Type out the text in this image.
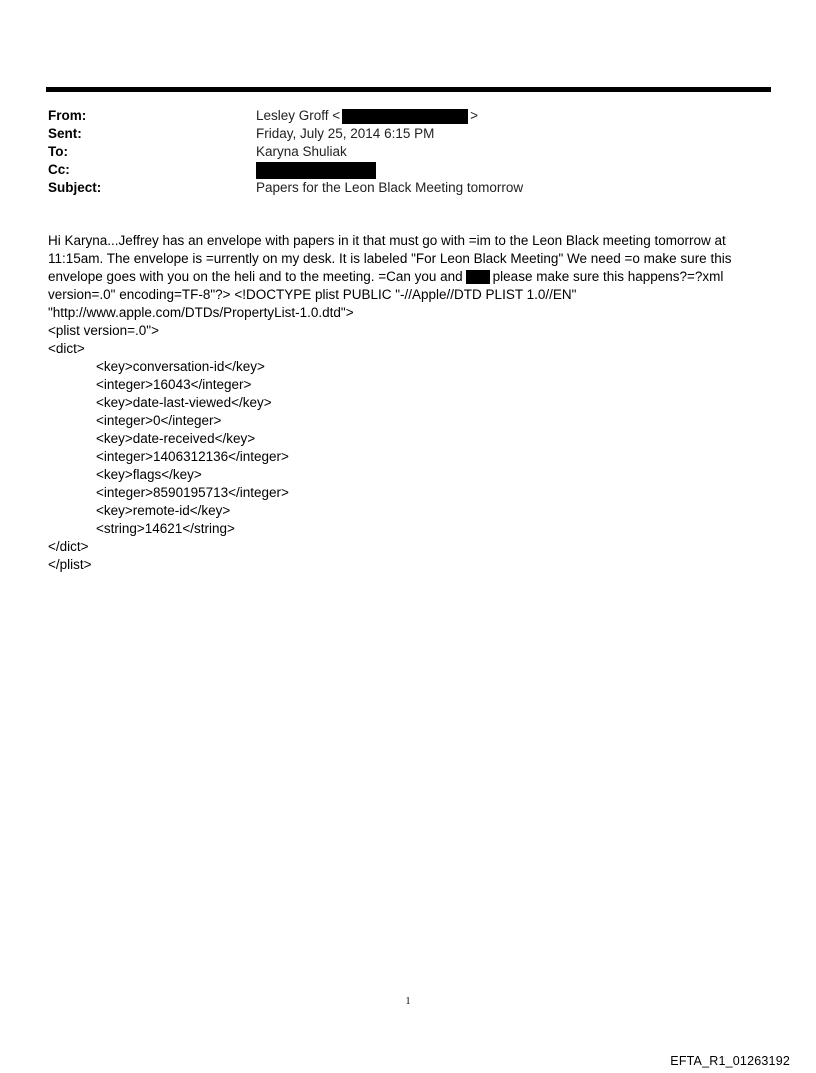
From:	Lesley Groff <	>
Sent:	Friday, July 25, 2014 6:15 PM
To:	Karyna Shuliak
Cc:
Subject:	Papers for the Leon Black Meeting tomorrow
Hi Karyna...Jeffrey has an envelope with papers in it that must go with =im to the Leon Black meeting tomorrow at
11:15am. The envelope is =urrently on my desk. It is labeled "For Leon Black Meeting" We need =o make sure this
envelope goes with you on the heli and to the meeting. =Can you and please make sure this happens?=?xml
version=.0" encoding=TF-8"?> <!DOCTYPE plist PUBLIC "-//Apple//DTD PLIST 1.0//EN"
"http://www.apple.com/DTDs/PropertyList-1.0.dtd">
<plist version=.0">
<dict>
<key>conversation-id</key>
<integer>16043</integer>
<key>date-last-viewed</key>
<integer>0</integer>
<key>date-received</key>
<integer>1406312136</integer>
<key>flags</key>
<integer>8590195713</integer>
<key>remote-id</key>
<string>14621</string>
</dict>
</plist>
1
EFTA_R1_01263192
